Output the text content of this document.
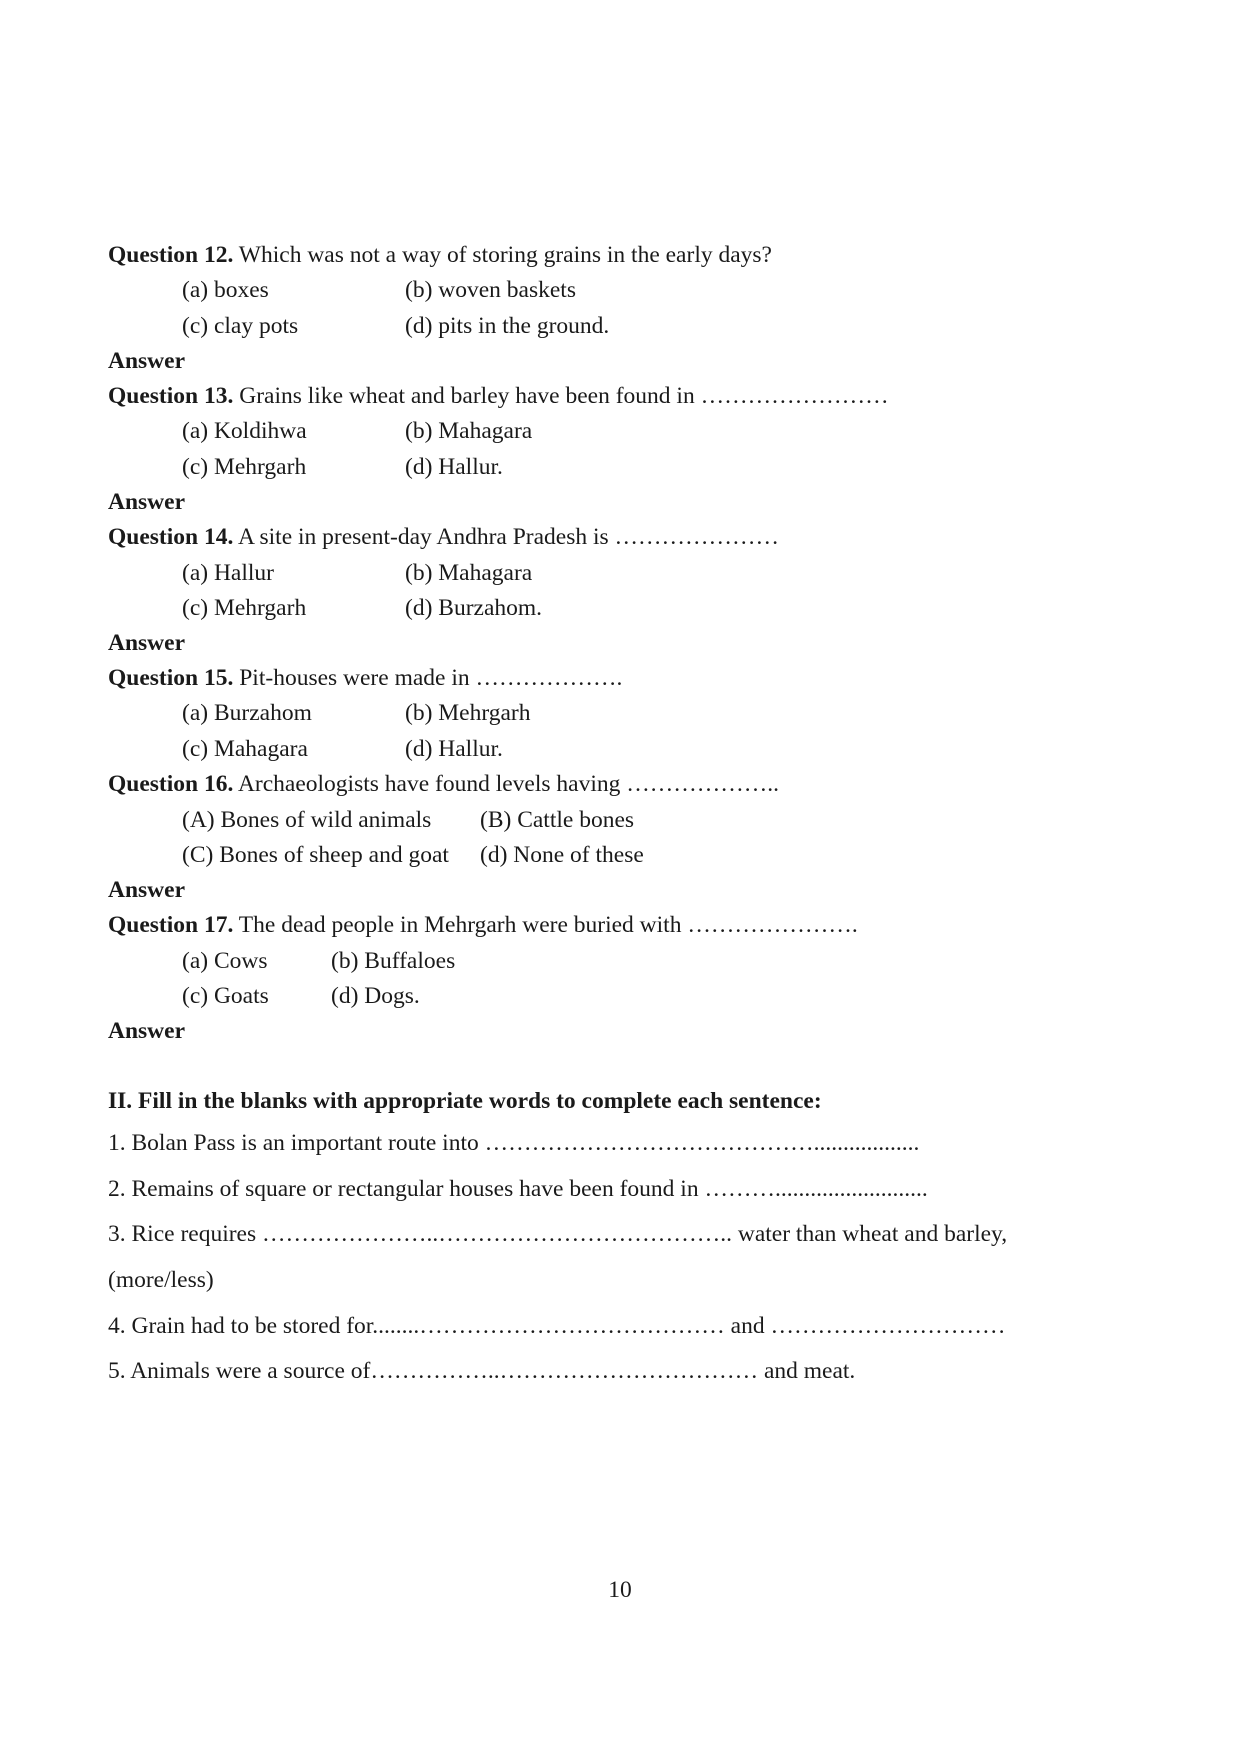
Question 12. Which was not a way of storing grains in the early days?
(a) boxes	(b) woven baskets
(c) clay pots	(d) pits in the ground.
Answer
Question 13. Grains like wheat and barley have been found in ……………………
(a) Koldihwa	(b) Mahagara
(c) Mehrgarh	(d) Hallur.
Answer
Question 14. A site in present-day Andhra Pradesh is …………………
(a) Hallur	(b) Mahagara
(c) Mehrgarh	(d) Burzahom.
Answer
Question 15. Pit-houses were made in ……………….
(a) Burzahom	(b) Mehrgarh
(c) Mahagara	(d) Hallur.
Question 16. Archaeologists have found levels having ………………..
(A) Bones of wild animals (B) Cattle bones
(C) Bones of sheep and goat (d) None of these
Answer
Question 17. The dead people in Mehrgarh were buried with ………………….
(a) Cows	(b) Buffaloes
(c) Goats	(d) Dogs.
Answer
II. Fill in the blanks with appropriate words to complete each sentence:
1. Bolan Pass is an important route into ……………………………………..................
2. Remains of square or rectangular houses have been found in ………..........................
3. Rice requires …………………..……………………………….. water than wheat and barley,
(more/less)
4. Grain had to be stored for........………………………………… and …………………………
5. Animals were a source of……………..…………………………… and meat.
10
